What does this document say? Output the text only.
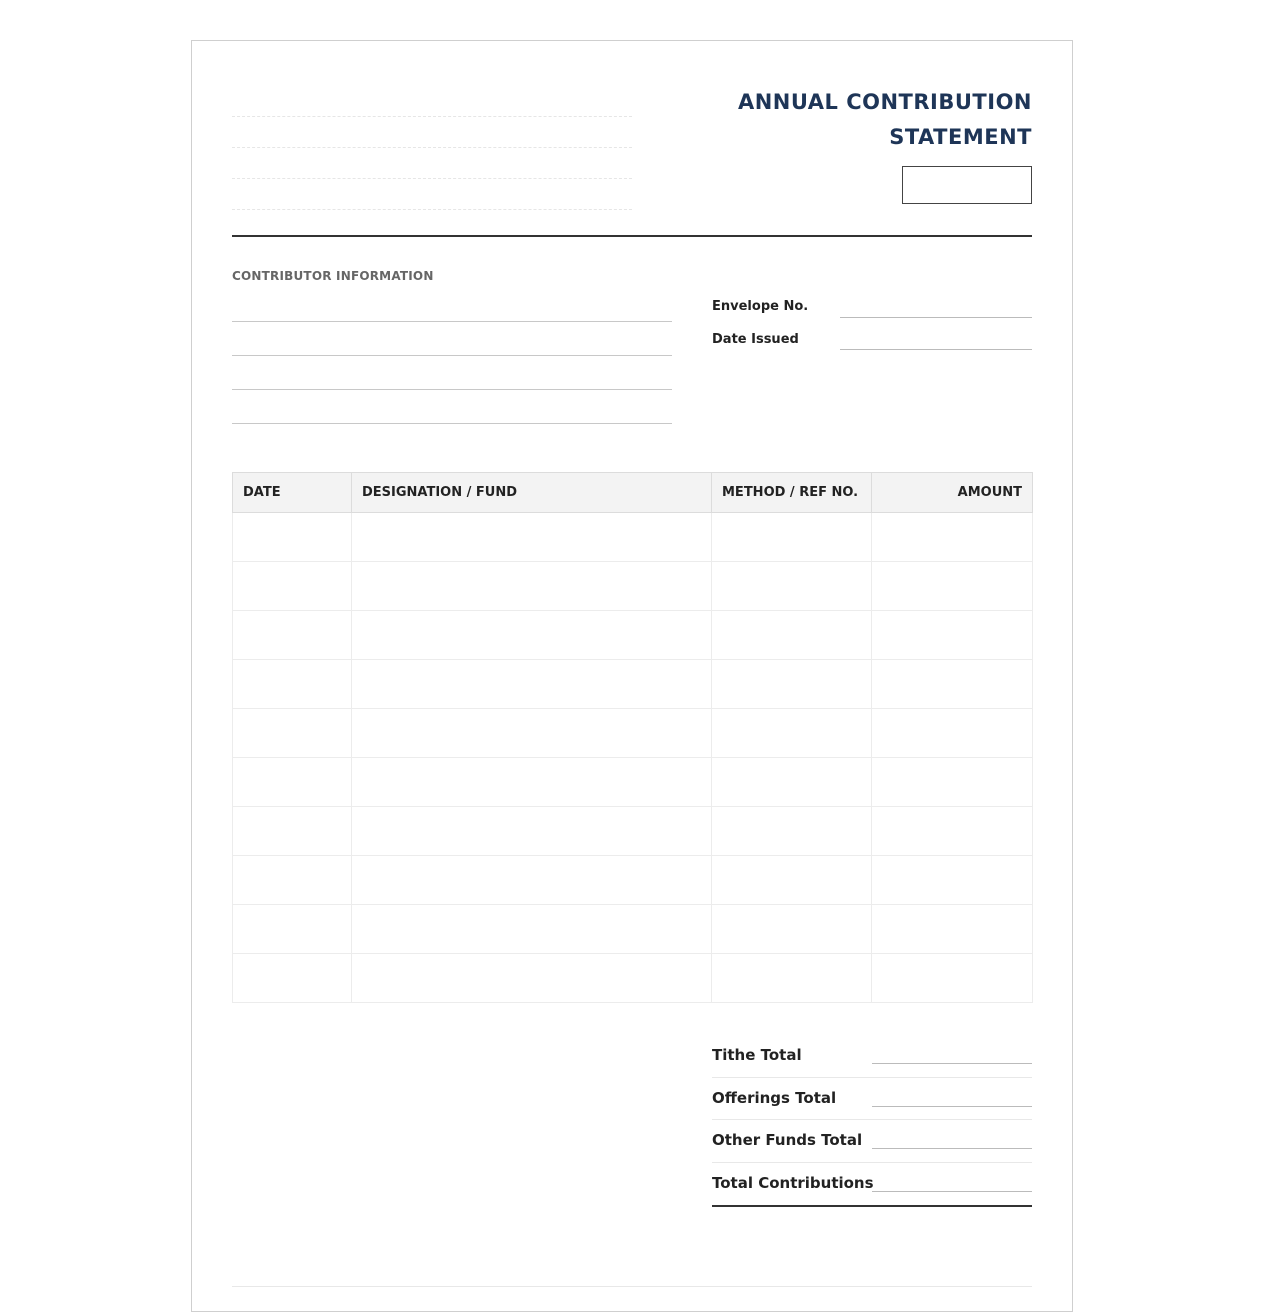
ANNUAL CONTRIBUTION
STATEMENT
CONTRIBUTOR INFORMATION
Envelope No.
Date Issued
DATE	DESIGNATION / FUND	METHOD / REF NO.	AMOUNT

Tithe Total
Offerings Total
Other Funds Total
Total Contributions
